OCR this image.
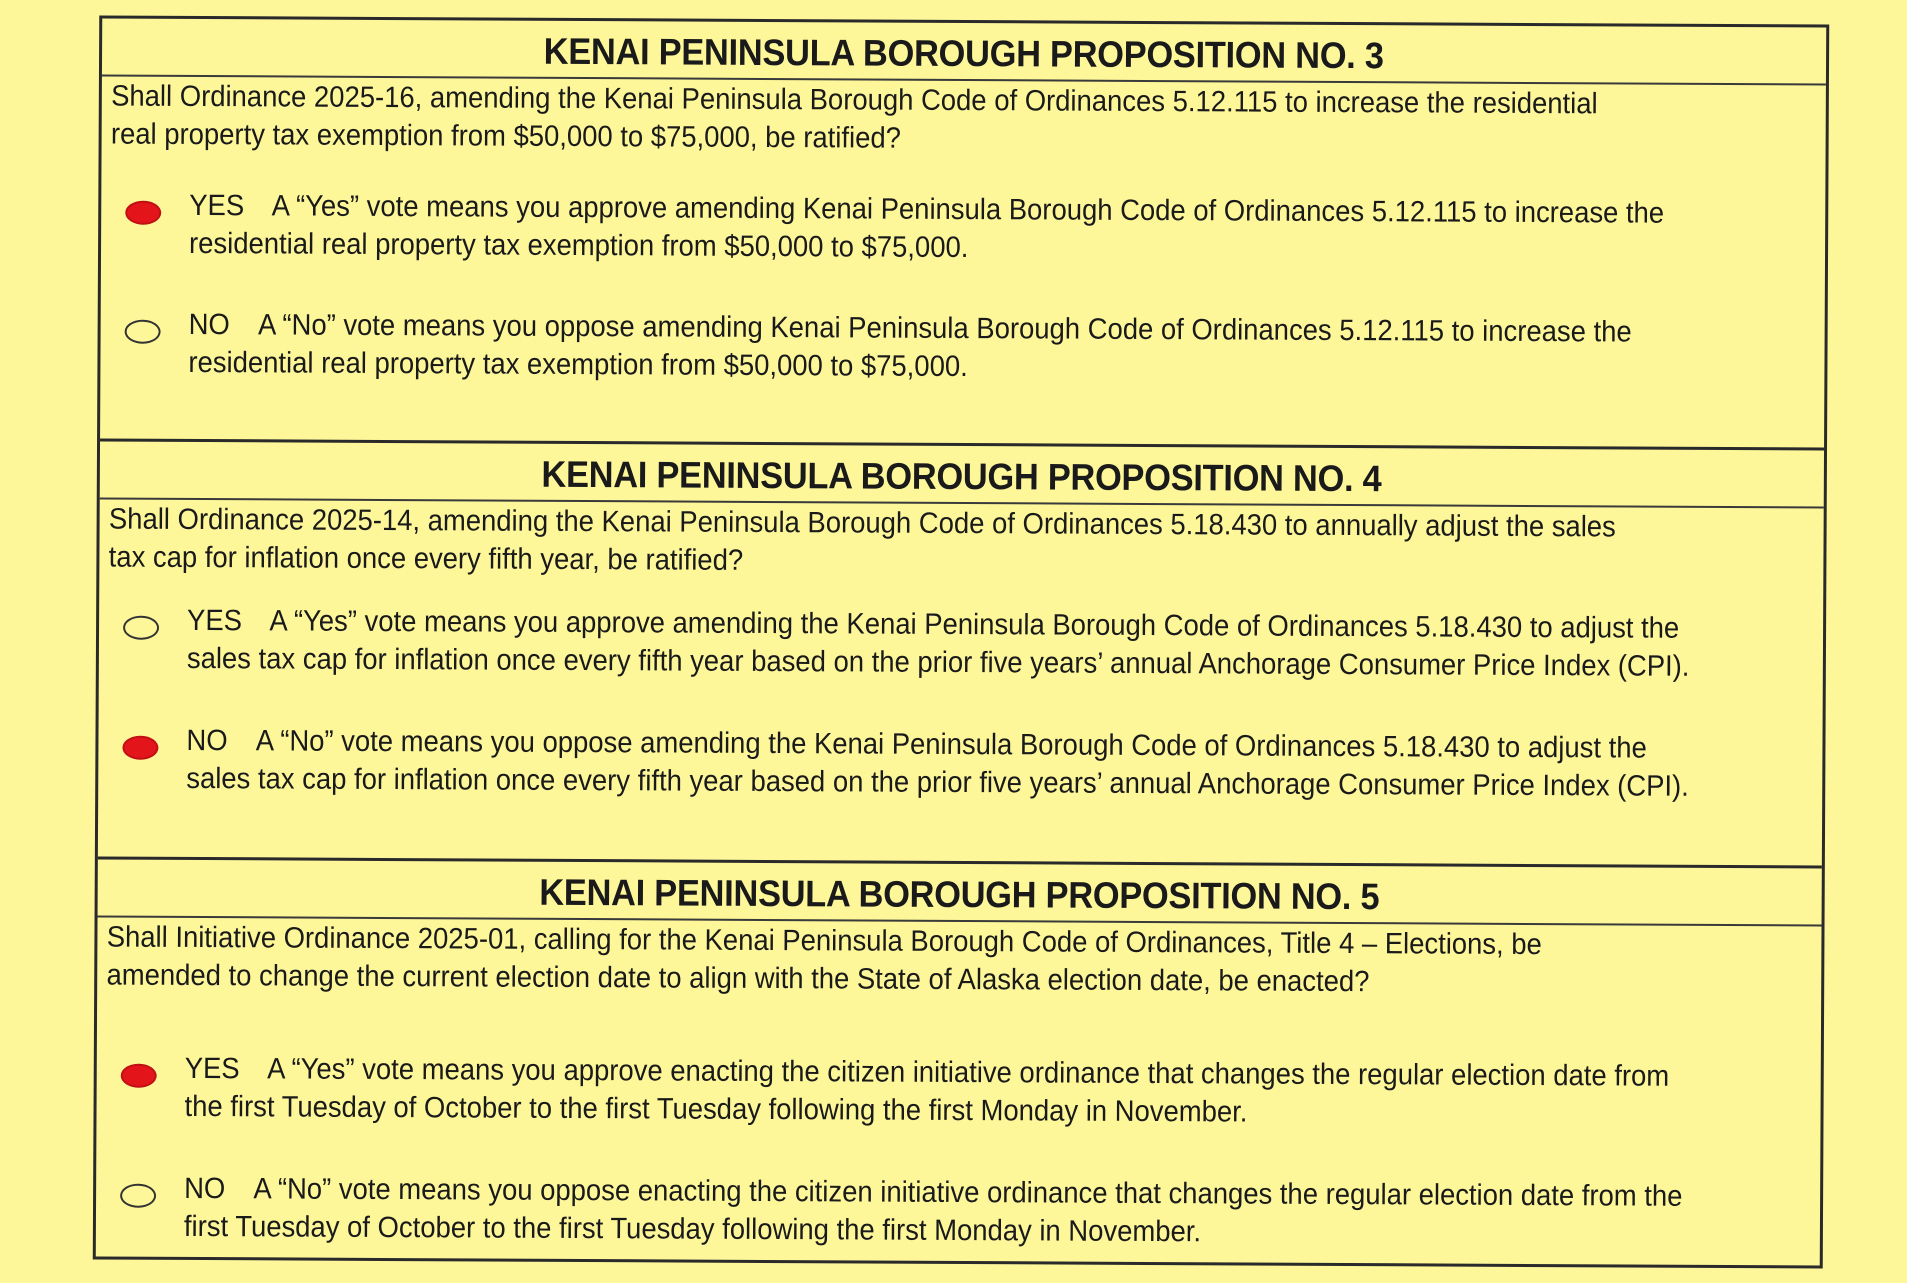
KENAI PENINSULA BOROUGH PROPOSITION NO. 3
Shall Ordinance 2025-16, amending the Kenai Peninsula Borough Code of Ordinances 5.12.115 to increase the residential real property tax exemption from $50,000 to $75,000, be ratified?
YES A “Yes” vote means you approve amending Kenai Peninsula Borough Code of Ordinances 5.12.115 to increase the residential real property tax exemption from $50,000 to $75,000.
NO A “No” vote means you oppose amending Kenai Peninsula Borough Code of Ordinances 5.12.115 to increase the residential real property tax exemption from $50,000 to $75,000.
KENAI PENINSULA BOROUGH PROPOSITION NO. 4
Shall Ordinance 2025-14, amending the Kenai Peninsula Borough Code of Ordinances 5.18.430 to annually adjust the sales tax cap for inflation once every fifth year, be ratified?
YES A “Yes” vote means you approve amending the Kenai Peninsula Borough Code of Ordinances 5.18.430 to adjust the sales tax cap for inflation once every fifth year based on the prior five years’ annual Anchorage Consumer Price Index (CPI).
NO A “No” vote means you oppose amending the Kenai Peninsula Borough Code of Ordinances 5.18.430 to adjust the sales tax cap for inflation once every fifth year based on the prior five years’ annual Anchorage Consumer Price Index (CPI).
KENAI PENINSULA BOROUGH PROPOSITION NO. 5
Shall Initiative Ordinance 2025-01, calling for the Kenai Peninsula Borough Code of Ordinances, Title 4 – Elections, be amended to change the current election date to align with the State of Alaska election date, be enacted?
YES A “Yes” vote means you approve enacting the citizen initiative ordinance that changes the regular election date from the first Tuesday of October to the first Tuesday following the first Monday in November.
NO A “No” vote means you oppose enacting the citizen initiative ordinance that changes the regular election date from the first Tuesday of October to the first Tuesday following the first Monday in November.
